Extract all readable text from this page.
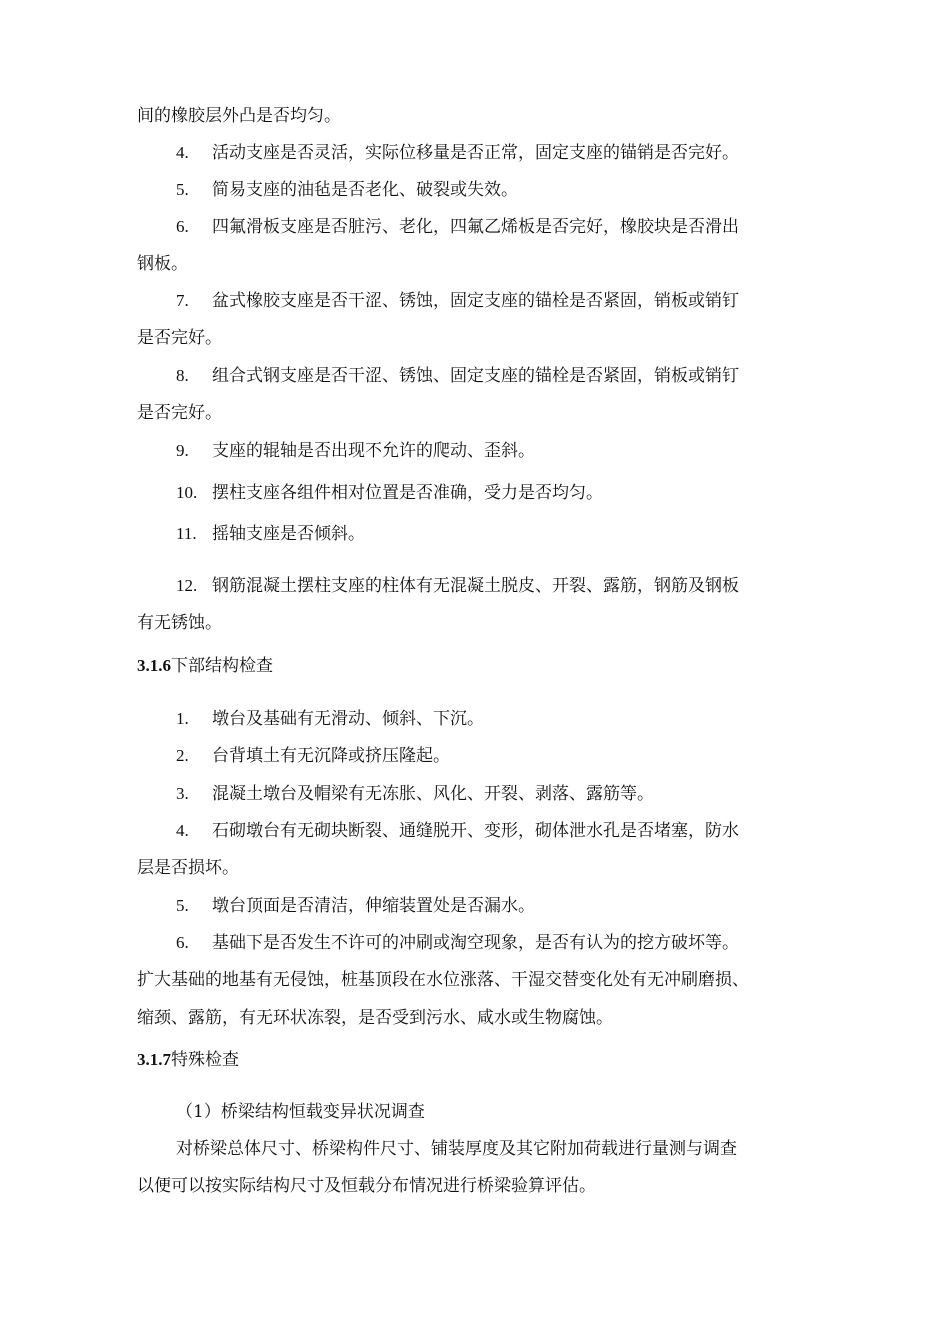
间的橡胶层外凸是否均匀。
4. 活动支座是否灵活，实际位移量是否正常，固定支座的锚销是否完好。
5. 简易支座的油毡是否老化、破裂或失效。
6. 四氟滑板支座是否脏污、老化，四氟乙烯板是否完好，橡胶块是否滑出
钢板。
7. 盆式橡胶支座是否干涩、锈蚀，固定支座的锚栓是否紧固，销板或销钉
是否完好。
8. 组合式钢支座是否干涩、锈蚀、固定支座的锚栓是否紧固，销板或销钉
是否完好。
9. 支座的辊轴是否出现不允许的爬动、歪斜。
10. 摆柱支座各组件相对位置是否准确，受力是否均匀。
11. 摇轴支座是否倾斜。
12. 钢筋混凝土摆柱支座的柱体有无混凝土脱皮、开裂、露筋，钢筋及钢板
有无锈蚀。
3.1.6下部结构检查
1. 墩台及基础有无滑动、倾斜、下沉。
2. 台背填土有无沉降或挤压隆起。
3. 混凝土墩台及帽梁有无冻胀、风化、开裂、剥落、露筋等。
4. 石砌墩台有无砌块断裂、通缝脱开、变形，砌体泄水孔是否堵塞，防水
层是否损坏。
5. 墩台顶面是否清洁，伸缩装置处是否漏水。
6. 基础下是否发生不许可的冲刷或淘空现象，是否有认为的挖方破坏等。
扩大基础的地基有无侵蚀，桩基顶段在水位涨落、干湿交替变化处有无冲刷磨损、
缩颈、露筋，有无环状冻裂，是否受到污水、咸水或生物腐蚀。
3.1.7特殊检查
（1）桥梁结构恒载变异状况调查
对桥梁总体尺寸、桥梁构件尺寸、铺装厚度及其它附加荷载进行量测与调查
以便可以按实际结构尺寸及恒载分布情况进行桥梁验算评估。
